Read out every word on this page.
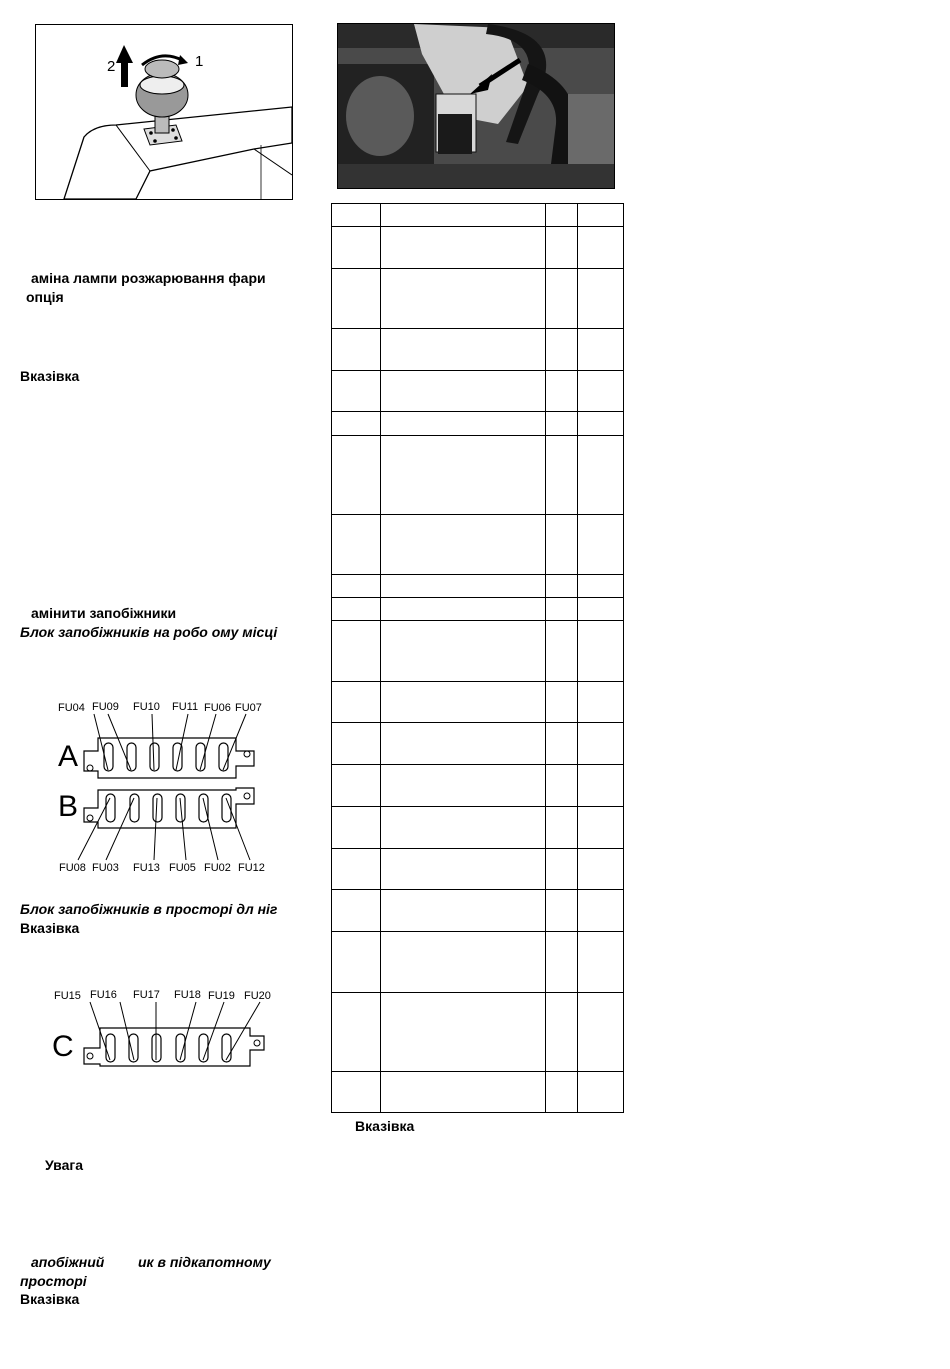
1
2

аміна лампи розжарювання фари
опція
Вказівка
амінити запобіжники
Блок запобіжників на робо ому місці
FU04 FU09 FU10 FU11 FU06 FU07
A
B
FU08 FU03 FU13 FU05 FU02 FU12
Блок запобіжників в просторі дл ніг
Вказівка
FU15 FU16 FU17 FU18 FU19 FU20
C
Вказівка
Увага
апобіжний ик в підкапотному
просторі
Вказівка
